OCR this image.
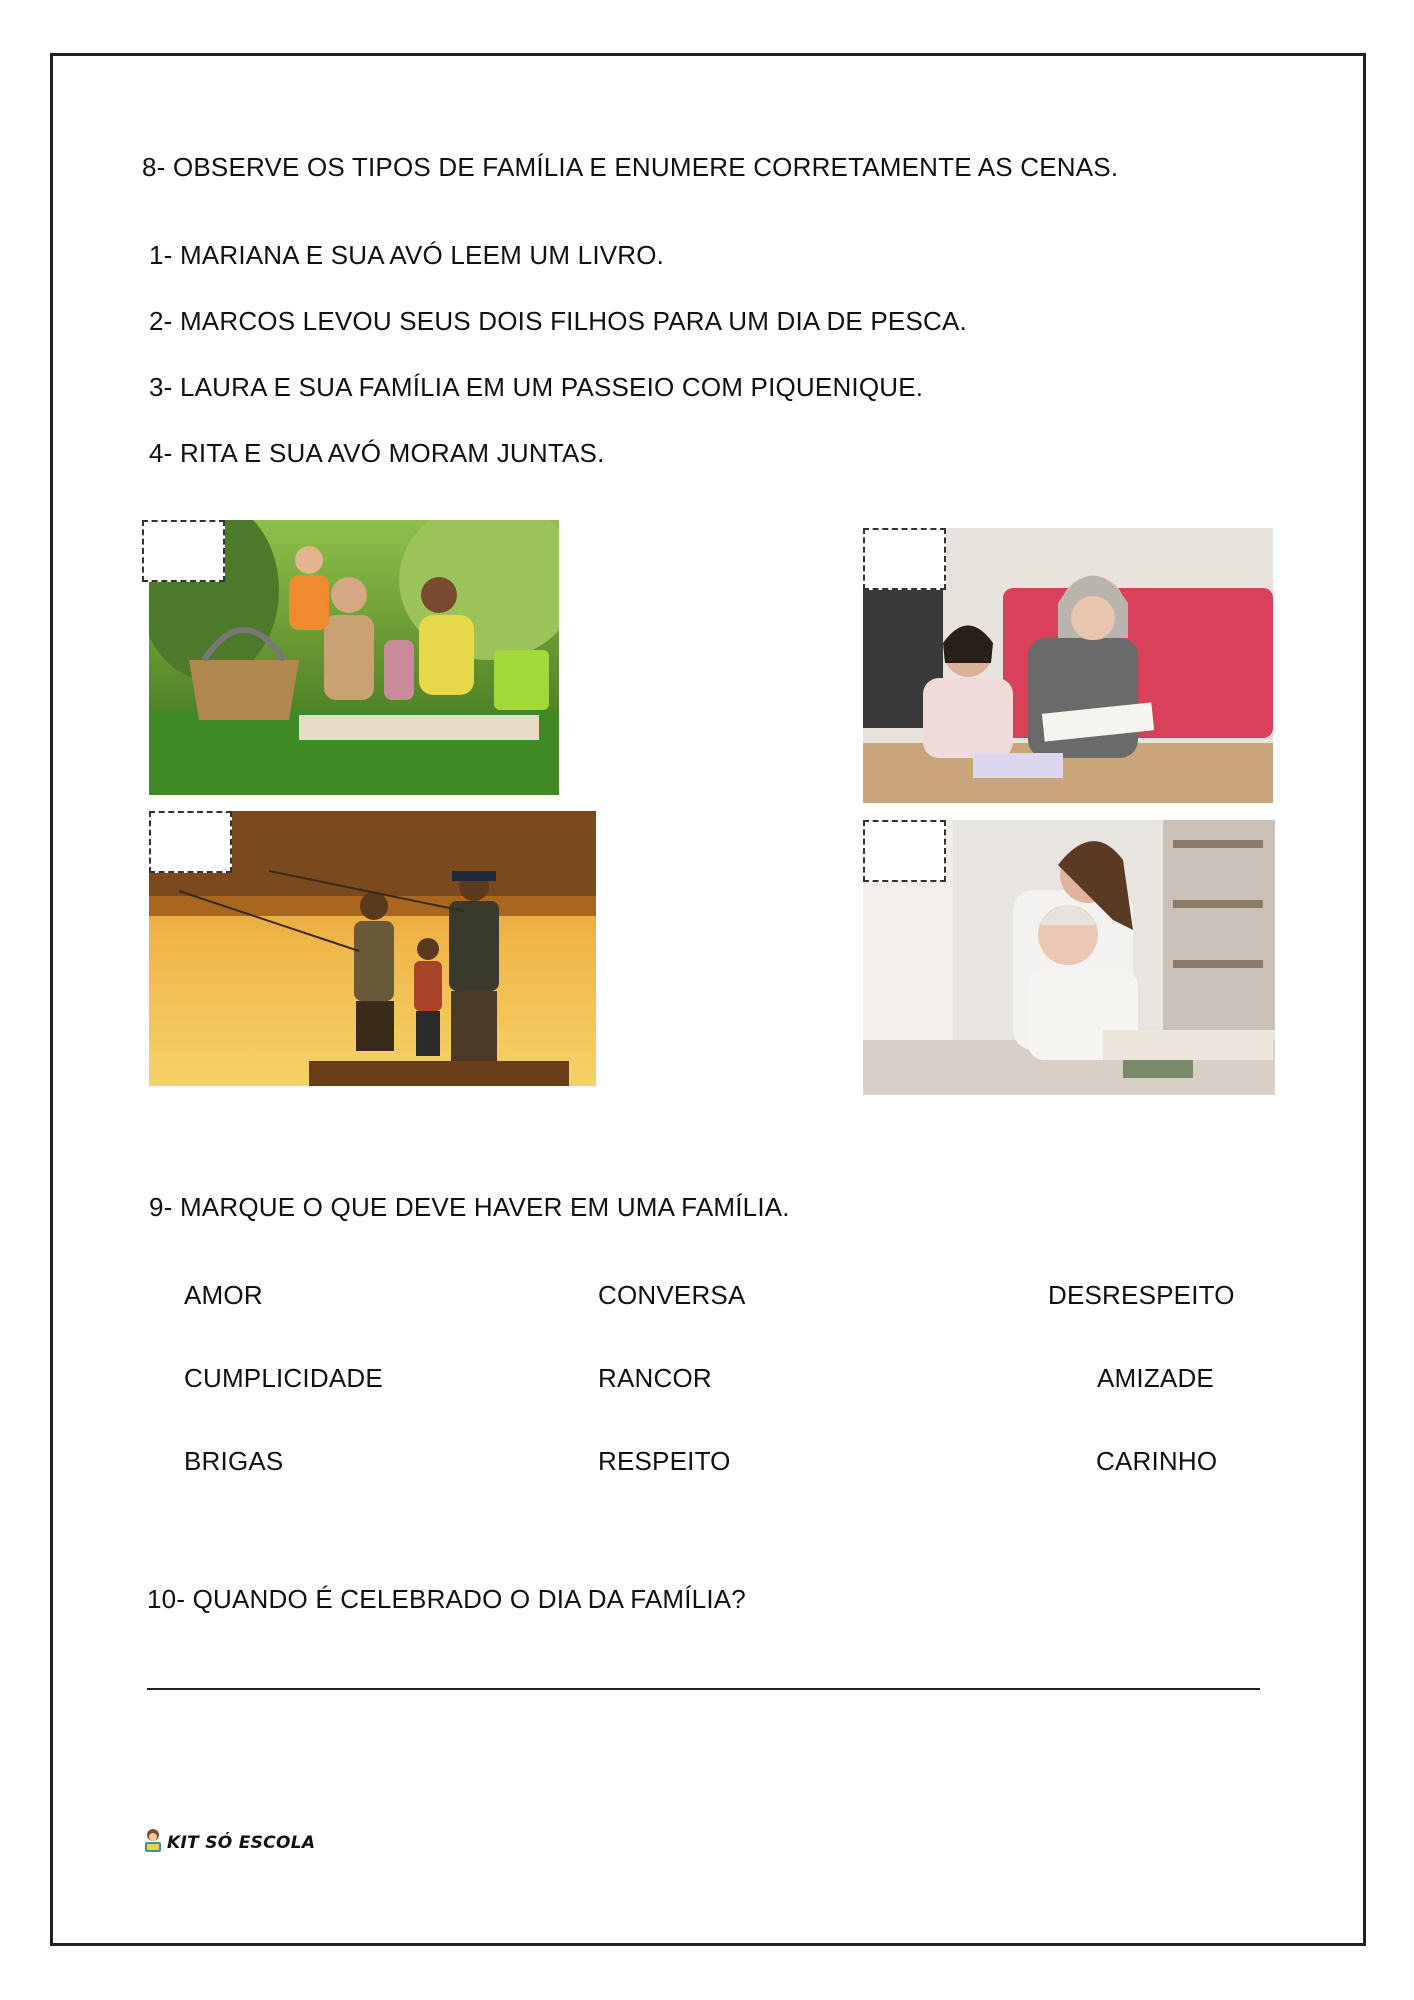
8- OBSERVE OS TIPOS DE FAMÍLIA E ENUMERE CORRETAMENTE AS CENAS.
1- MARIANA E SUA AVÓ LEEM UM LIVRO.
2- MARCOS LEVOU SEUS DOIS FILHOS PARA UM DIA DE PESCA.
3- LAURA E SUA FAMÍLIA EM UM PASSEIO COM PIQUENIQUE.
4- RITA E SUA AVÓ MORAM JUNTAS.
9- MARQUE O QUE DEVE HAVER EM UMA FAMÍLIA.
AMOR	CONVERSA	DESRESPEITO
CUMPLICIDADE	RANCOR	AMIZADE
BRIGAS	RESPEITO	CARINHO
10- QUANDO É CELEBRADO O DIA DA FAMÍLIA?
KIT SÓ ESCOLA
